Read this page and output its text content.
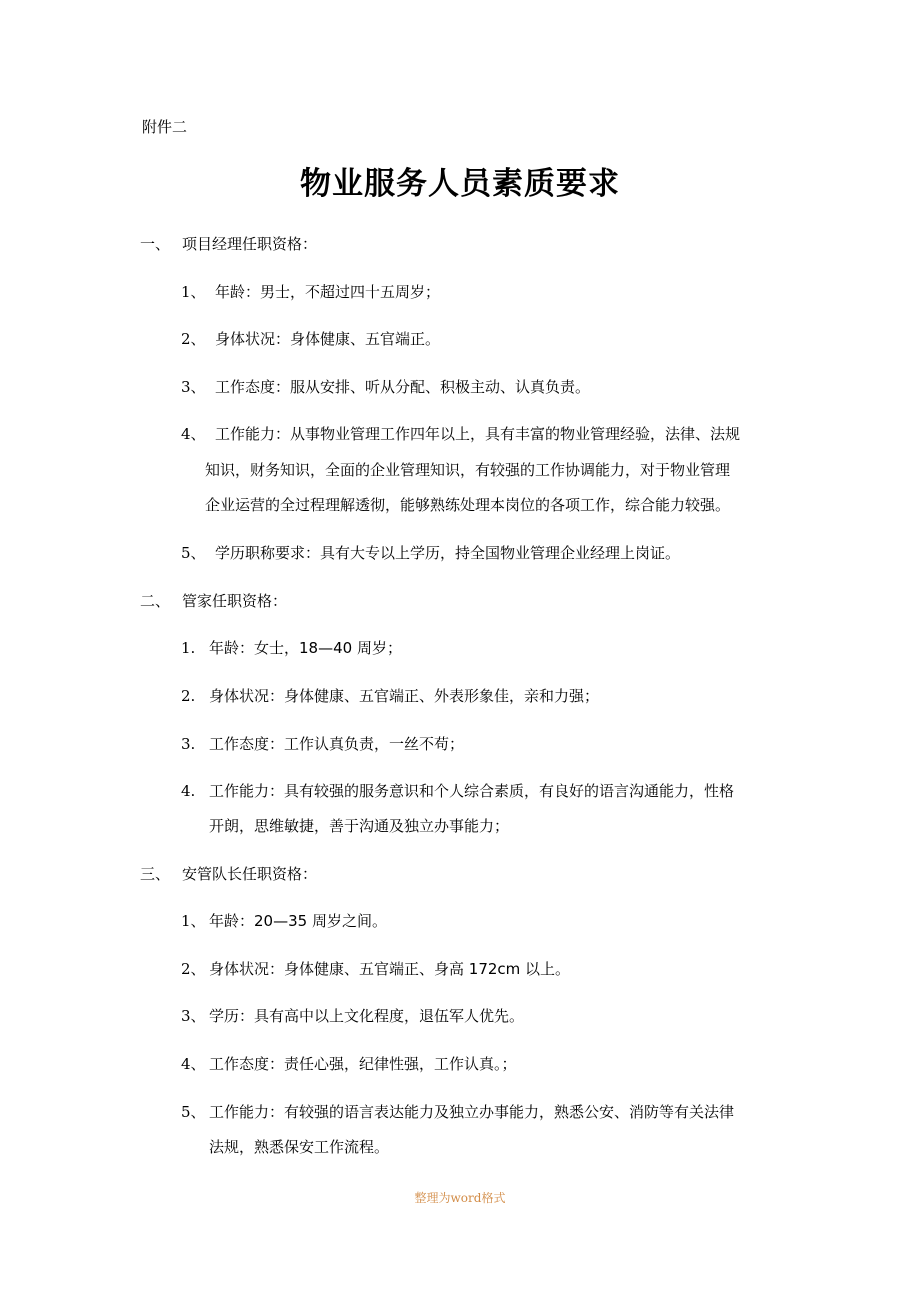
附件二
物业服务人员素质要求
一、 项目经理任职资格：
1、 年龄：男士，不超过四十五周岁；
2、 身体状况：身体健康、五官端正。
3、 工作态度：服从安排、听从分配、积极主动、认真负责。
4、 工作能力：从事物业管理工作四年以上，具有丰富的物业管理经验，法律、法规
知识，财务知识，全面的企业管理知识，有较强的工作协调能力，对于物业管理
企业运营的全过程理解透彻，能够熟练处理本岗位的各项工作，综合能力较强。
5、 学历职称要求：具有大专以上学历，持全国物业管理企业经理上岗证。
二、 管家任职资格：
1. 年龄：女士，18—40 周岁；
2. 身体状况：身体健康、五官端正、外表形象佳，亲和力强；
3. 工作态度：工作认真负责，一丝不苟；
4. 工作能力：具有较强的服务意识和个人综合素质，有良好的语言沟通能力，性格
开朗，思维敏捷，善于沟通及独立办事能力；
三、 安管队长任职资格：
1、 年龄：20—35 周岁之间。
2、 身体状况：身体健康、五官端正、身高 172cm 以上。
3、 学历：具有高中以上文化程度，退伍军人优先。
4、 工作态度：责任心强，纪律性强，工作认真。；
5、 工作能力：有较强的语言表达能力及独立办事能力，熟悉公安、消防等有关法律
法规，熟悉保安工作流程。
整理为word格式
